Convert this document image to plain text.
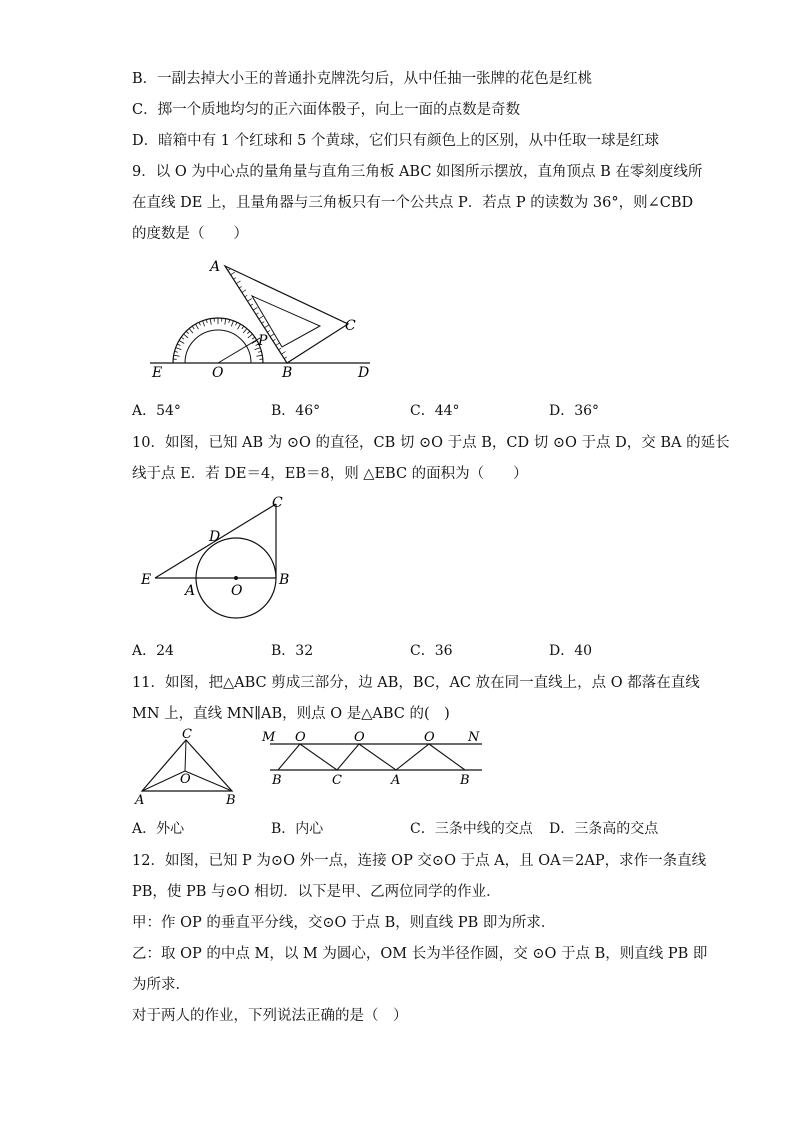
B．一副去掉大小王的普通扑克牌洗匀后，从中任抽一张牌的花色是红桃
C．掷一个质地均匀的正六面体骰子，向上一面的点数是奇数
D．暗箱中有 1 个红球和 5 个黄球，它们只有颜色上的区别，从中任取一球是红球
9．以 O 为中心点的量角量与直角三角板 ABC 如图所示摆放，直角顶点 B 在零刻度线所
在直线 DE 上，且量角器与三角板只有一个公共点 P．若点 P 的读数为 36°，则∠CBD
的度数是（　　）
A
C
P
E	O	B	D
A．54°	B．46°	C．44°	D．36°
10．如图，已知 AB 为 ⊙O 的直径，CB 切 ⊙O 于点 B，CD 切 ⊙O 于点 D，交 BA 的延长
线于点 E．若 DE＝4，EB＝8，则 △EBC 的面积为（　　）
C
D
E
A	O
B
A．24	B．32	C．36	D．40
11．如图，把△ABC 剪成三部分，边 AB，BC，AC 放在同一直线上，点 O 都落在直线
MN 上，直线 MN∥AB，则点 O 是△ABC 的(　)
C
O
A	B
M O	O	O	N
B	C	A	B
A．外心	B．内心	C．三条中线的交点 D．三条高的交点
12．如图，已知 P 为⊙O 外一点，连接 OP 交⊙O 于点 A，且 OA＝2AP，求作一条直线
PB，使 PB 与⊙O 相切．以下是甲、乙两位同学的作业．
甲：作 OP 的垂直平分线，交⊙O 于点 B，则直线 PB 即为所求．
乙：取 OP 的中点 M，以 M 为圆心，OM 长为半径作圆，交 ⊙O 于点 B，则直线 PB 即
为所求．
对于两人的作业，下列说法正确的是（　）
